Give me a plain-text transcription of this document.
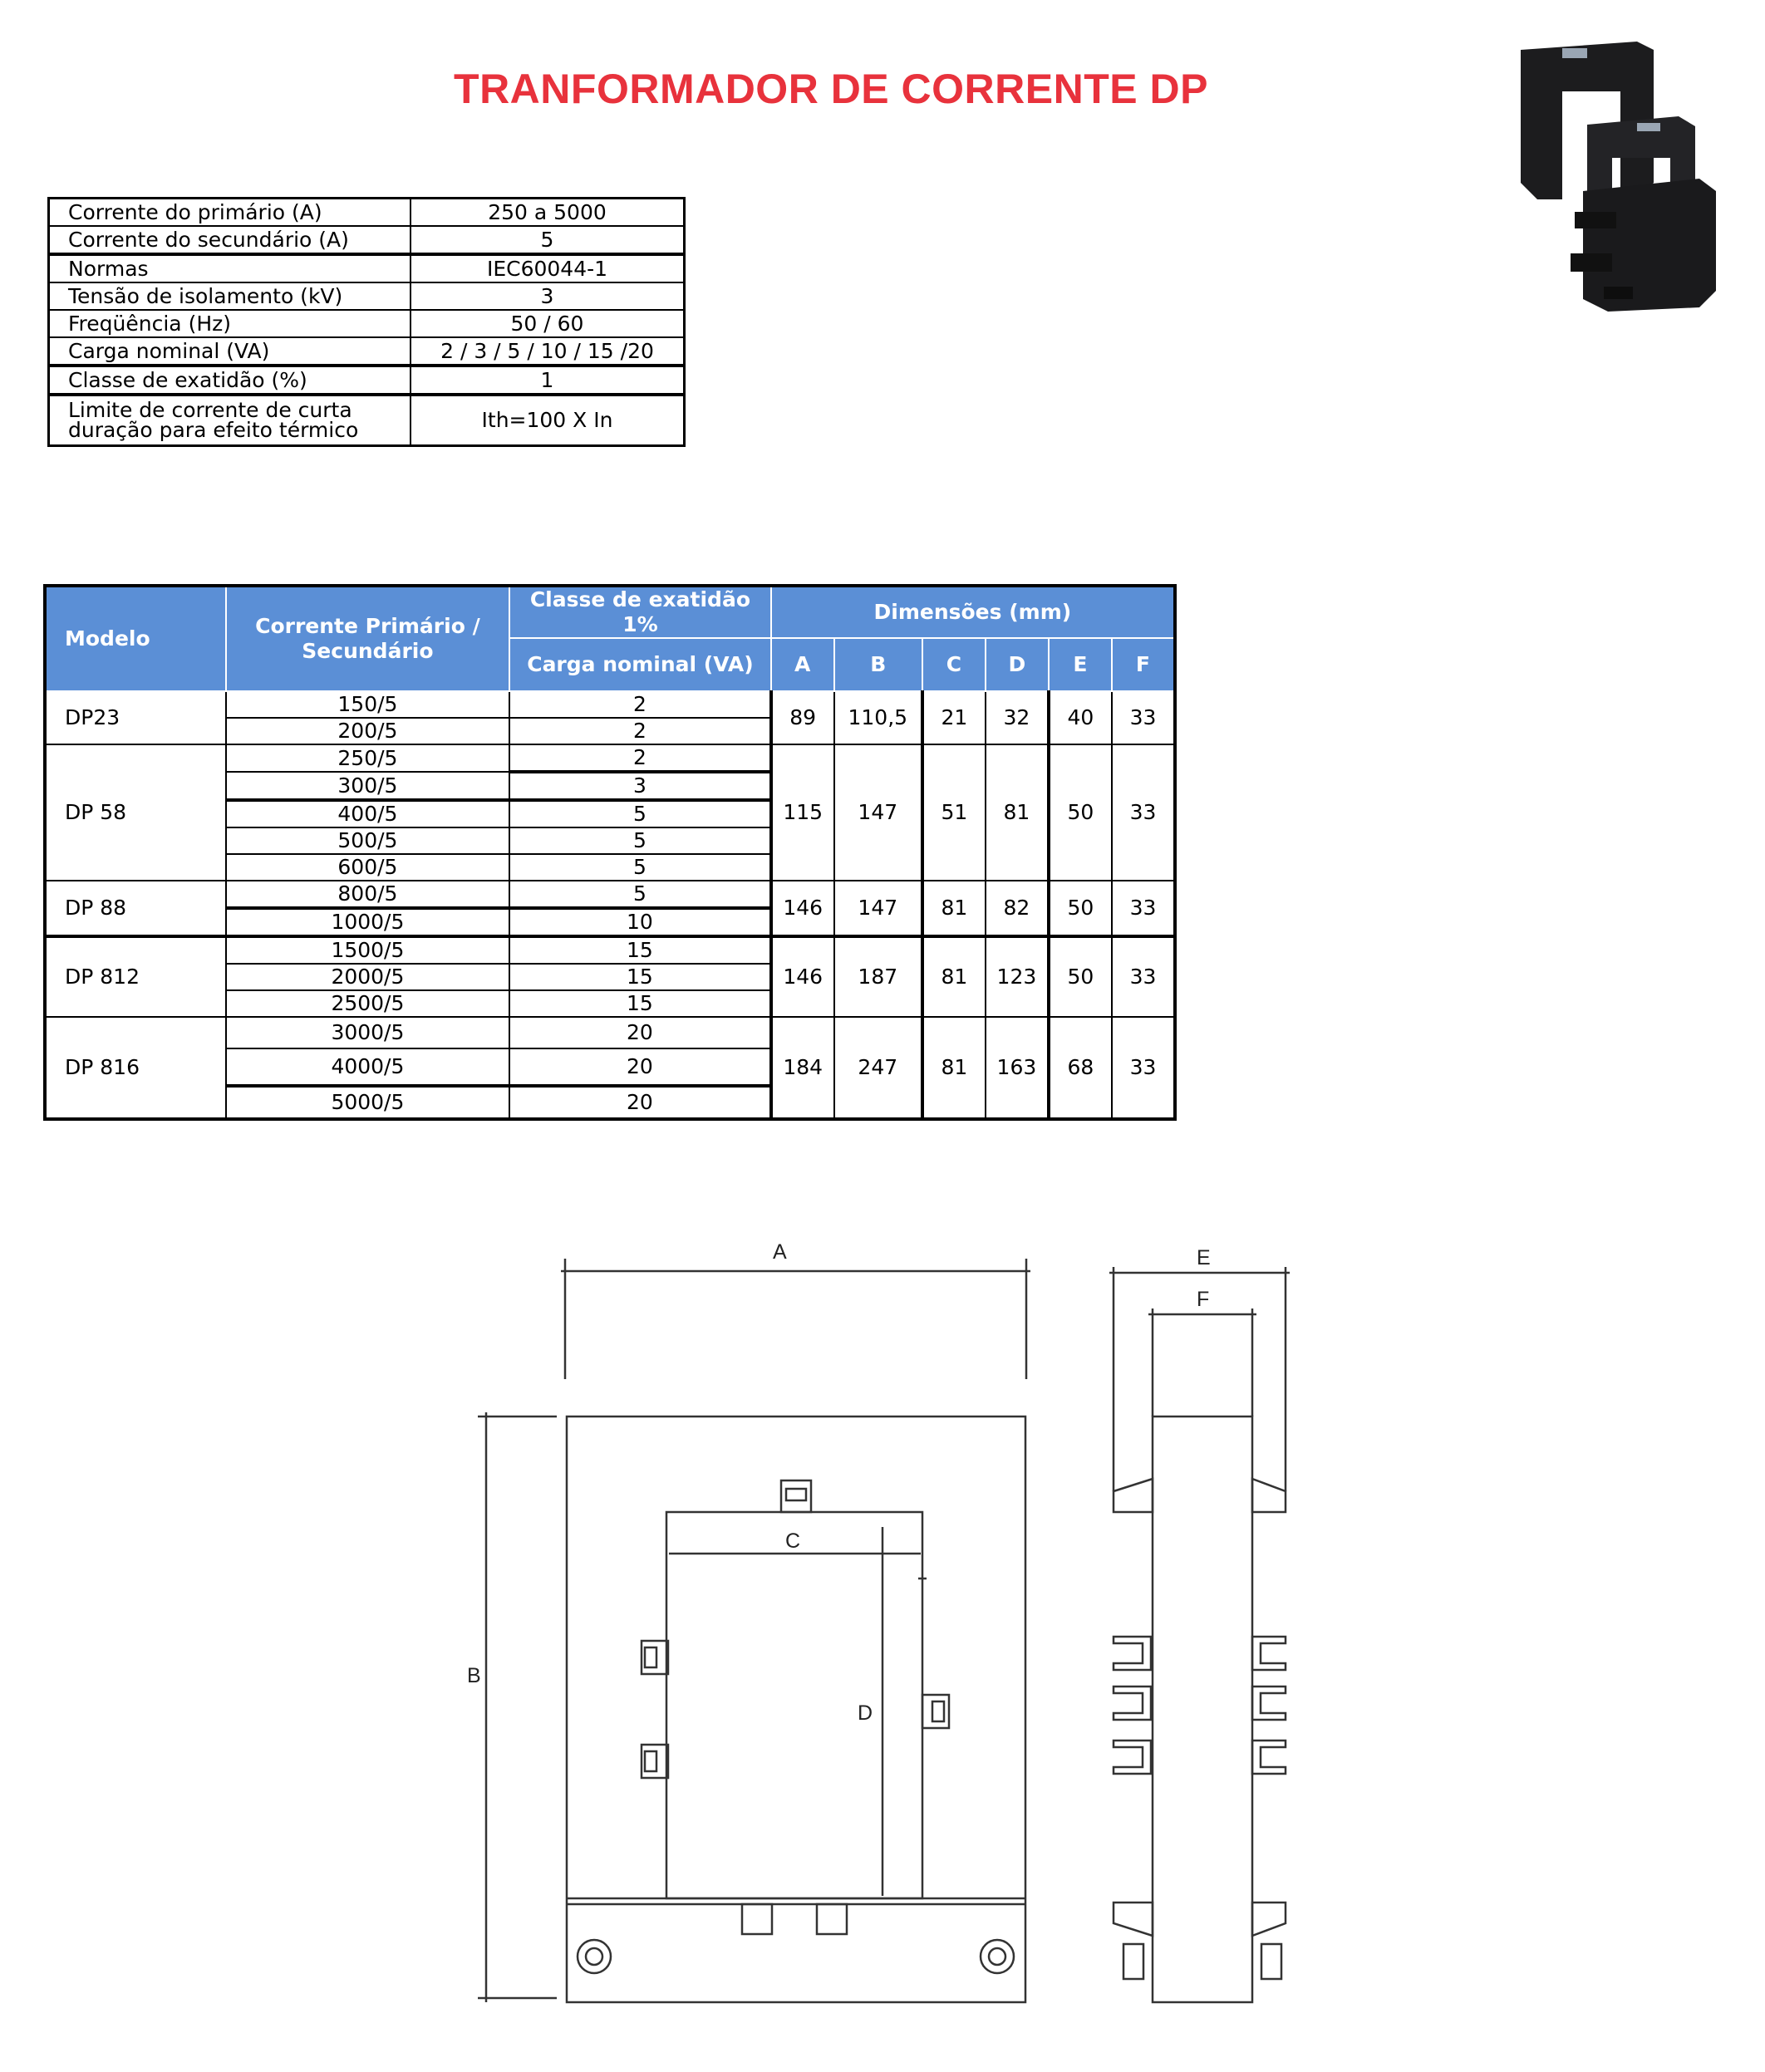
TRANFORMADOR DE CORRENTE DP
Corrente do primário (A)	250 a 5000
Corrente do secundário (A)	5
Normas	IEC60044-1
Tensão de isolamento (kV)	3
Freqüência (Hz)	50 / 60
Carga nominal (VA)	2 / 3 / 5 / 10 / 15 /20
Classe de exatidão (%)	1
Limite de corrente de curta duração para efeito térmico	Ith=100 X In
Modelo	Corrente Primário / Secundário	Classe de exatidão 1%	Dimensões (mm)					
		Carga nominal (VA)	A	B	C	D	E	F
DP23	150/5	2	89	110,5	21	32	40	33
	200/5	2						
DP 58	250/5	2	115	147	51	81	50	33
	300/5	3						
	400/5	5						
	500/5	5						
	600/5	5						
DP 88	800/5	5	146	147	81	82	50	33
	1000/5	10						
DP 812	1500/5	15	146	187	81	123	50	33
	2000/5	15						
	2500/5	15						
DP 816	3000/5	20	184	247	81	163	68	33
	4000/5	20						
	5000/5	20						
A
B
C
D
E
F
